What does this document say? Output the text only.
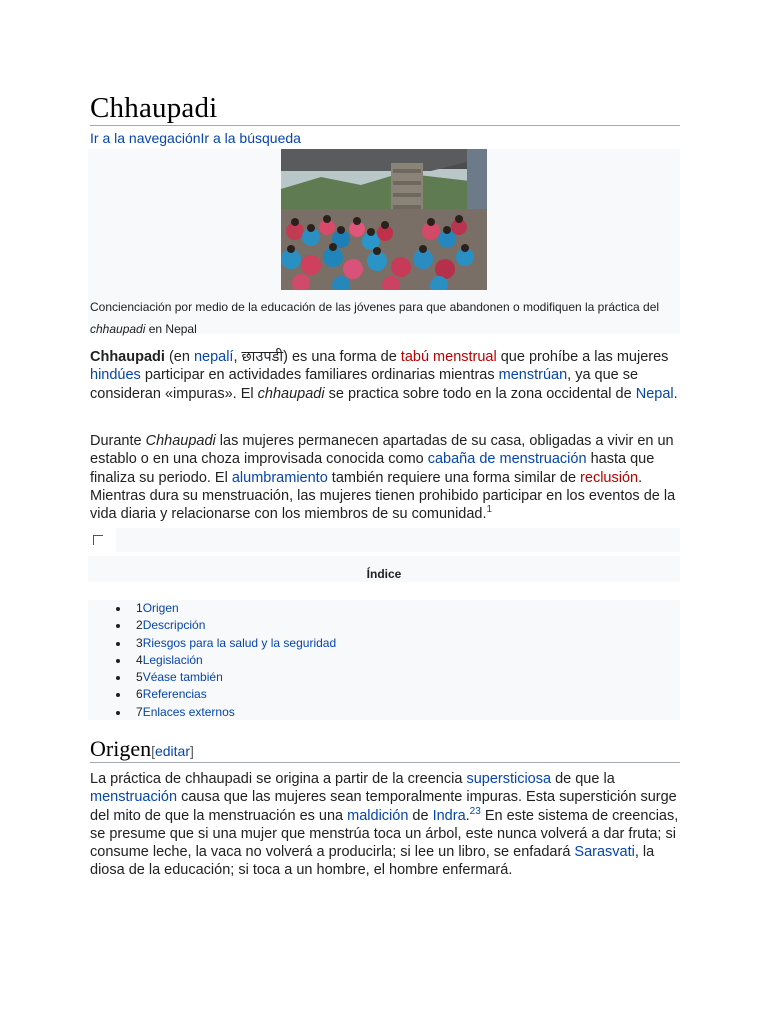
Chhaupadi
Ir a la navegaciónIr a la búsqueda
Concienciación por medio de la educación de las jóvenes para que abandonen o modifiquen la práctica del chhaupadi en Nepal

Chhaupadi (en nepalí, छाउपडी) es una forma de tabú menstrual que prohíbe a las mujeres hindúes participar en actividades familiares ordinarias mientras menstrúan, ya que se consideran «impuras». El chhaupadi se practica sobre todo en la zona occidental de Nepal.

Durante Chhaupadi las mujeres permanecen apartadas de su casa, obligadas a vivir en un establo o en una choza improvisada conocida como cabaña de menstruación hasta que finaliza su periodo. El alumbramiento también requiere una forma similar de reclusión. Mientras dura su menstruación, las mujeres tienen prohibido participar en los eventos de la vida diaria y relacionarse con los miembros de su comunidad.$^1$

Índice
1Origen
2Descripción
3Riesgos para la salud y la seguridad
4Legislación
5Véase también
6Referencias
7Enlaces externos
Origen[editar]

La práctica de chhaupadi se origina a partir de la creencia supersticiosa de que la menstruación causa que las mujeres sean temporalmente impuras. Esta superstición surge del mito de que la menstruación es una maldición de Indra.$^{23}$ En este sistema de creencias, se presume que si una mujer que menstrúa toca un árbol, este nunca volverá a dar fruta; si consume leche, la vaca no volverá a producirla; si lee un libro, se enfadará Sarasvati, la diosa de la educación; si toca a un hombre, el hombre enfermará.
